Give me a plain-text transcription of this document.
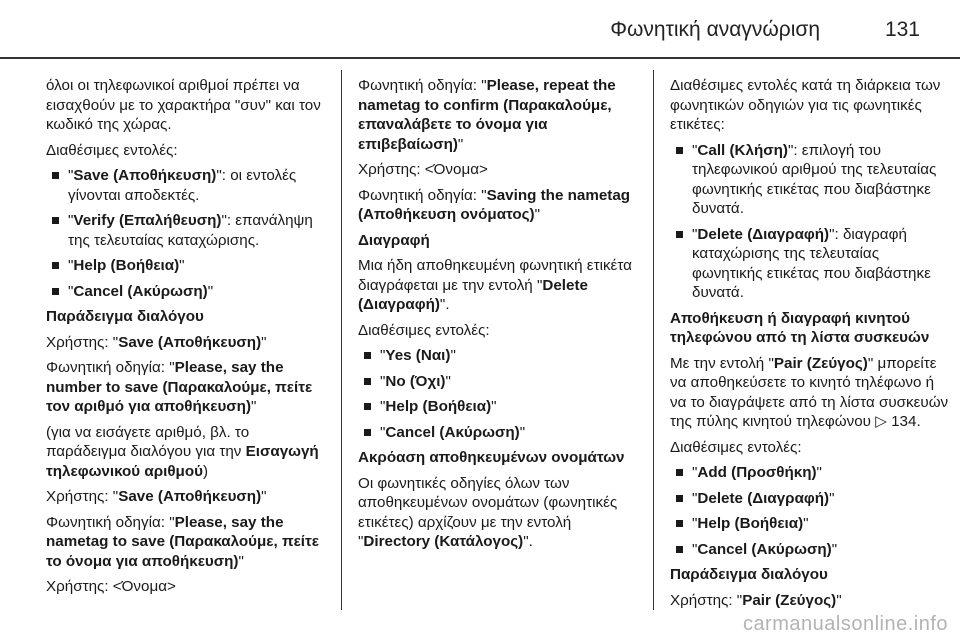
Φωνητική αναγνώριση	131

όλοι οι τηλεφωνικοί αριθμοί πρέπει να εισαχθούν με το χαρακτήρα "συν" και τον κωδικό της χώρας.

Διαθέσιμες εντολές:

"Save (Αποθήκευση)": οι εντολές γίνονται αποδεκτές.
"Verify (Επαλήθευση)": επανάληψη της τελευταίας καταχώρισης.
"Help (Βοήθεια)"
"Cancel (Ακύρωση)"

Παράδειγμα διαλόγου

Χρήστης: "Save (Αποθήκευση)"

Φωνητική οδηγία: "Please, say the number to save (Παρακαλούμε, πείτε τον αριθμό για αποθήκευση)"

(για να εισάγετε αριθμό, βλ. το παράδειγμα διαλόγου για την Εισαγωγή τηλεφωνικού αριθμού)

Χρήστης: "Save (Αποθήκευση)"

Φωνητική οδηγία: "Please, say the nametag to save (Παρακαλούμε, πείτε το όνομα για αποθήκευση)"

Χρήστης: <Όνομα>

Φωνητική οδηγία: "Please, repeat the nametag to confirm (Παρακαλούμε, επαναλάβετε το όνομα για επιβεβαίωση)"

Χρήστης: <Όνομα>

Φωνητική οδηγία: "Saving the nametag (Αποθήκευση ονόματος)"

Διαγραφή

Μια ήδη αποθηκευμένη φωνητική ετικέτα διαγράφεται με την εντολή "Delete (Διαγραφή)".

Διαθέσιμες εντολές:

"Yes (Ναι)"
"No (Όχι)"
"Help (Βοήθεια)"
"Cancel (Ακύρωση)"

Ακρόαση αποθηκευμένων ονομάτων

Οι φωνητικές οδηγίες όλων των αποθηκευμένων ονομάτων (φωνητικές ετικέτες) αρχίζουν με την εντολή "Directory (Κατάλογος)".

Διαθέσιμες εντολές κατά τη διάρκεια των φωνητικών οδηγιών για τις φωνητικές ετικέτες:

"Call (Κλήση)": επιλογή του τηλεφωνικού αριθμού της τελευταίας φωνητικής ετικέτας που διαβάστηκε δυνατά.
"Delete (Διαγραφή)": διαγραφή καταχώρισης της τελευταίας φωνητικής ετικέτας που διαβάστηκε δυνατά.

Αποθήκευση ή διαγραφή κινητού τηλεφώνου από τη λίστα συσκευών

Με την εντολή "Pair (Ζεύγος)" μπορείτε να αποθηκεύσετε το κινητό τηλέφωνο ή να το διαγράψετε από τη λίστα συσκευών της πύλης κινητού τηλεφώνου ▷ 134.

Διαθέσιμες εντολές:

"Add (Προσθήκη)"
"Delete (Διαγραφή)"
"Help (Βοήθεια)"
"Cancel (Ακύρωση)"

Παράδειγμα διαλόγου

Χρήστης: "Pair (Ζεύγος)"

carmanualsonline.info
